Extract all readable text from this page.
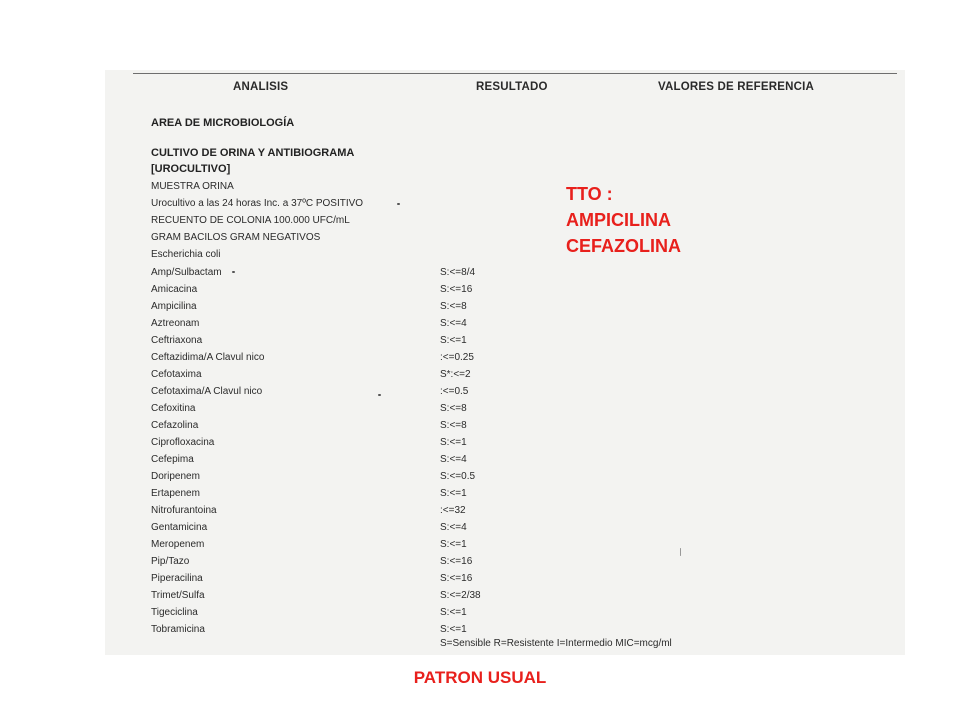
ANALISIS	RESULTADO	VALORES DE REFERENCIA
AREA DE MICROBIOLOGÍA
CULTIVO DE ORINA Y ANTIBIOGRAMA
[UROCULTIVO]
MUESTRA ORINA
Urocultivo a las 24 horas Inc. a 37ºC POSITIVO
RECUENTO DE COLONIA 100.000 UFC/mL
GRAM BACILOS GRAM NEGATIVOS
Escherichia coli
Amp/Sulbactam	S:<=8/4
Amicacina	S:<=16
Ampicilina	S:<=8
Aztreonam	S:<=4
Ceftriaxona	S:<=1
Ceftazidima/A Clavul nico	:<=0.25
Cefotaxima	S*:<=2
Cefotaxima/A Clavul nico	:<=0.5
Cefoxitina	S:<=8
Cefazolina	S:<=8
Ciprofloxacina	S:<=1
Cefepima	S:<=4
Doripenem	S:<=0.5
Ertapenem	S:<=1
Nitrofurantoina	:<=32
Gentamicina	S:<=4
Meropenem	S:<=1
Pip/Tazo	S:<=16
Piperacilina	S:<=16
Trimet/Sulfa	S:<=2/38
Tigeciclina	S:<=1
Tobramicina	S:<=1
S=Sensible R=Resistente I=Intermedio MIC=mcg/ml
TTO :
AMPICILINA
CEFAZOLINA
PATRON USUAL
